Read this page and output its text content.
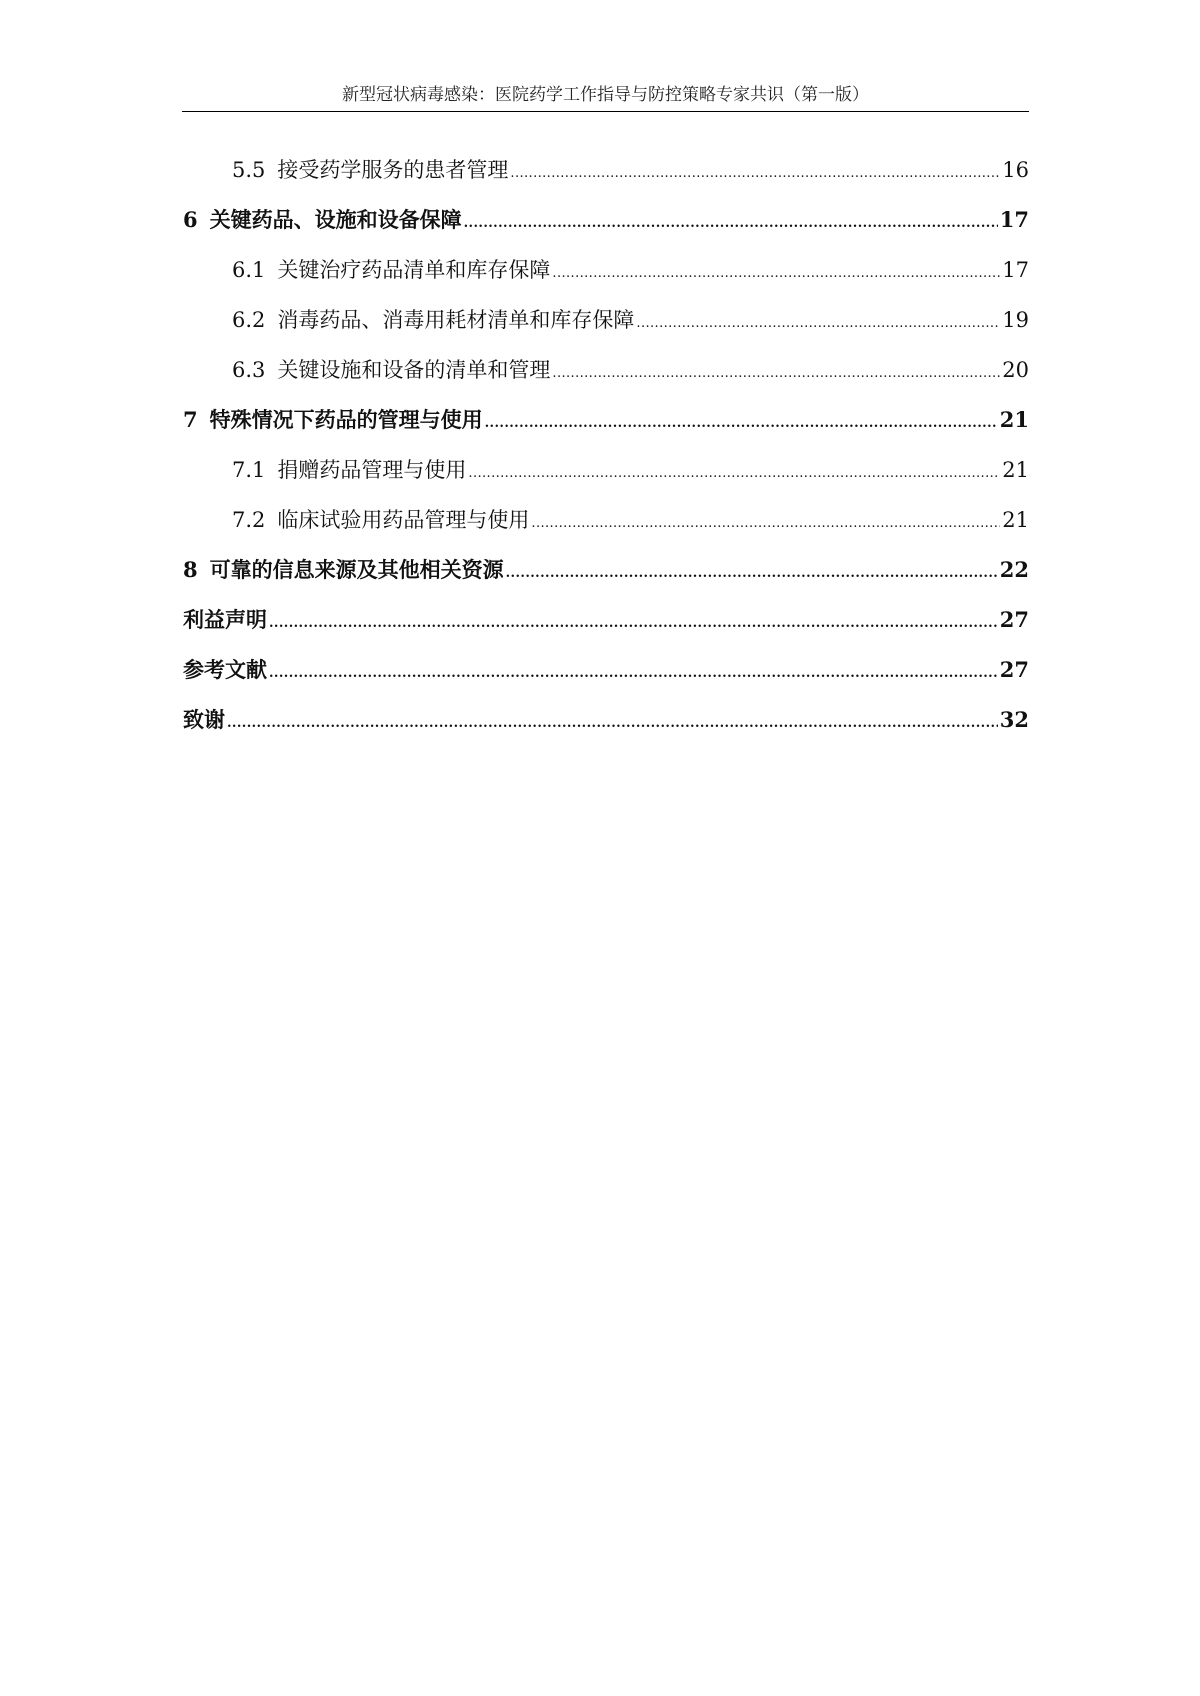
新型冠状病毒感染：医院药学工作指导与防控策略专家共识（第一版）
5.5 接受药学服务的患者管理 .....	16
6 关键药品、设施和设备保障 .....	17
6.1 关键治疗药品清单和库存保障 .....	17
6.2 消毒药品、消毒用耗材清单和库存保障 .....	19
6.3 关键设施和设备的清单和管理 .....	20
7 特殊情况下药品的管理与使用 .....	21
7.1 捐赠药品管理与使用 .....	21
7.2 临床试验用药品管理与使用 .....	21
8 可靠的信息来源及其他相关资源 .....	22
利益声明 .....	27
参考文献 .....	27
致谢 .....	32
